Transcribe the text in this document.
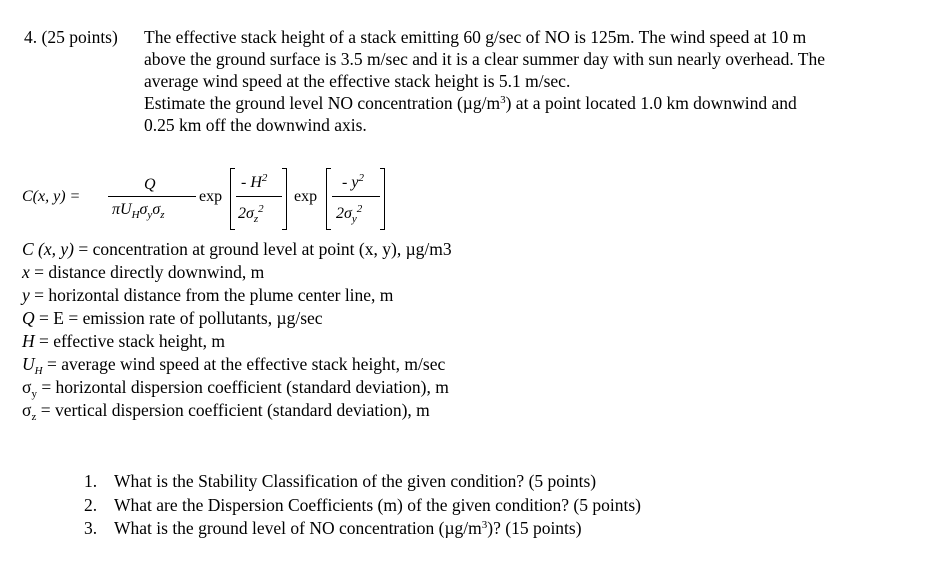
4. (25 points) The effective stack height of a stack emitting 60 g/sec of NO is 125m. The wind speed at 10 m
above the ground surface is 3.5 m/sec and it is a clear summer day with sun nearly overhead. The
average wind speed at the effective stack height is 5.1 m/sec.
Estimate the ground level NO concentration $(\mu g/m^3)$ at a point located 1.0 km downwind and
0.25 km off the downwind axis.
C(x, y) =
Q
$\pi U_H\sigma_y\sigma_z$
exp
- $H^2$
$2\sigma_z^2$
exp
- $y^2$
$2\sigma_y^2$
C (x, y) = concentration at ground level at point (x, y), µg/m3
x = distance directly downwind, m
y = horizontal distance from the plume center line, m
Q = E = emission rate of pollutants, µg/sec
H = effective stack height, m
$U_H$ = average wind speed at the effective stack height, m/sec
$\sigma_y$ = horizontal dispersion coefficient (standard deviation), m
$\sigma_z$ = vertical dispersion coefficient (standard deviation), m
1. What is the Stability Classification of the given condition? (5 points)
2. What are the Dispersion Coefficients (m) of the given condition? (5 points)
3. What is the ground level of NO concentration $(\mu g/m^3)$? (15 points)
